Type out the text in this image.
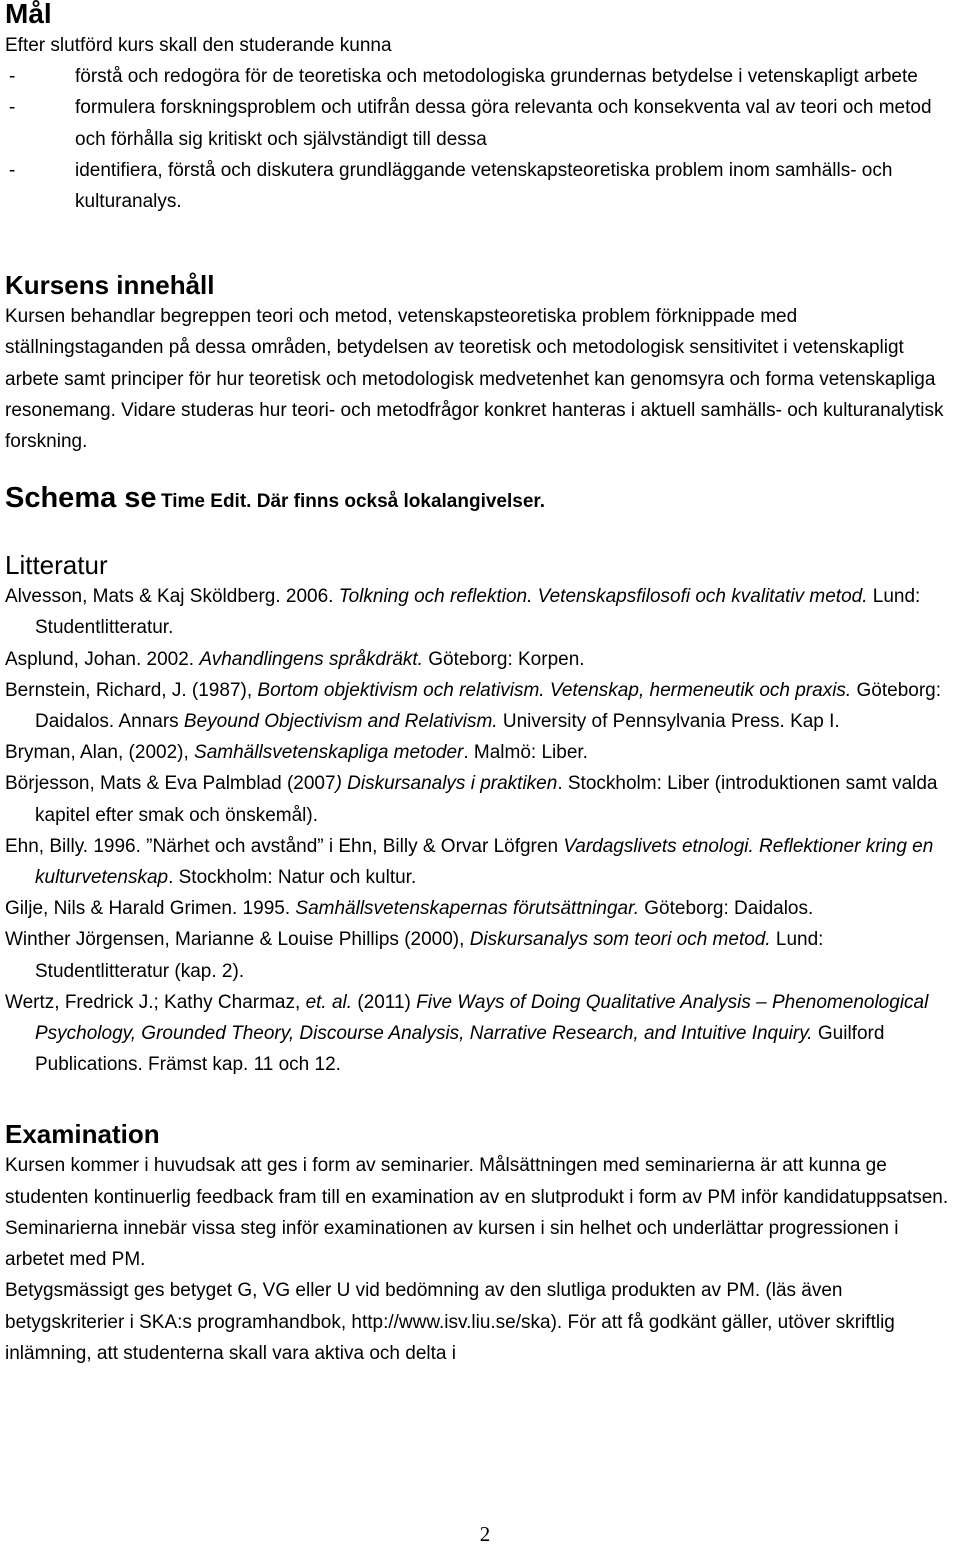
Mål

Efter slutförd kurs skall den studerande kunna

-	förstå och redogöra för de teoretiska och metodologiska grundernas betydelse i vetenskapligt arbete
-	formulera forskningsproblem och utifrån dessa göra relevanta och konsekventa val av teori och metod och förhålla sig kritiskt och självständigt till dessa
-	identifiera, förstå och diskutera grundläggande vetenskapsteoretiska problem inom samhälls- och kulturanalys.
Kursens innehåll

Kursen behandlar begreppen teori och metod, vetenskapsteoretiska problem förknippade med ställningstaganden på dessa områden, betydelsen av teoretisk och metodologisk sensitivitet i vetenskapligt arbete samt principer för hur teoretisk och metodologisk medvetenhet kan genomsyra och forma vetenskapliga resonemang. Vidare studeras hur teori- och metodfrågor konkret hanteras i aktuell samhälls- och kulturanalytisk forskning.

Schema se Time Edit. Där finns också lokalangivelser.
Litteratur
Alvesson, Mats & Kaj Sköldberg. 2006. Tolkning och reflektion. Vetenskapsfilosofi och kvalitativ metod. Lund: Studentlitteratur.
Asplund, Johan. 2002. Avhandlingens språkdräkt. Göteborg: Korpen.
Bernstein, Richard, J. (1987), Bortom objektivism och relativism. Vetenskap, hermeneutik och praxis. Göteborg: Daidalos. Annars Beyound Objectivism and Relativism. University of Pennsylvania Press. Kap I.
Bryman, Alan, (2002), Samhällsvetenskapliga metoder. Malmö: Liber.
Börjesson, Mats & Eva Palmblad (2007) Diskursanalys i praktiken. Stockholm: Liber (introduktionen samt valda kapitel efter smak och önskemål).
Ehn, Billy. 1996. ”Närhet och avstånd” i Ehn, Billy & Orvar Löfgren Vardagslivets etnologi. Reflektioner kring en kulturvetenskap. Stockholm: Natur och kultur.
Gilje, Nils & Harald Grimen. 1995. Samhällsvetenskapernas förutsättningar. Göteborg: Daidalos.
Winther Jörgensen, Marianne & Louise Phillips (2000), Diskursanalys som teori och metod. Lund: Studentlitteratur (kap. 2).
Wertz, Fredrick J.; Kathy Charmaz, et. al. (2011) Five Ways of Doing Qualitative Analysis – Phenomenological Psychology, Grounded Theory, Discourse Analysis, Narrative Research, and Intuitive Inquiry. Guilford Publications. Främst kap. 11 och 12.
Examination

Kursen kommer i huvudsak att ges i form av seminarier. Målsättningen med seminarierna är att kunna ge studenten kontinuerlig feedback fram till en examination av en slutprodukt i form av PM inför kandidatuppsatsen. Seminarierna innebär vissa steg inför examinationen av kursen i sin helhet och underlättar progressionen i arbetet med PM.

Betygsmässigt ges betyget G, VG eller U vid bedömning av den slutliga produkten av PM. (läs även betygskriterier i SKA:s programhandbok, http://www.isv.liu.se/ska). För att få godkänt gäller, utöver skriftlig inlämning, att studenterna skall vara aktiva och delta i

2
